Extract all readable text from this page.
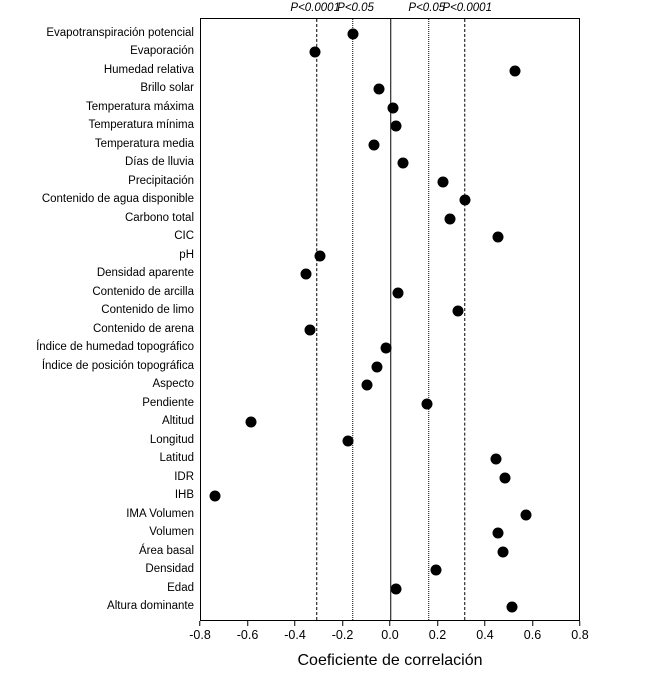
P<0.0001
P<0.05	P<0.05
P<0.0001
Evapotranspiración potencial
Evaporación
Humedad relativa
Brillo solar
Temperatura máxima
Temperatura mínima
Temperatura media
Días de lluvia
Precipitación
Contenido de agua disponible
Carbono total
CIC
pH
Densidad aparente
Contenido de arcilla
Contenido de limo
Contenido de arena
Índice de humedad topográfico
Índice de posición topográfica
Aspecto
Pendiente
Altitud
Longitud
Latitud
IDR
IHB
IMA Volumen
Volumen
Área basal
Densidad
Edad
Altura dominante
-0.8 -0.6 -0.4 -0.2 0.0 0.2 0.4 0.6 0.8
Coeficiente de correlación
